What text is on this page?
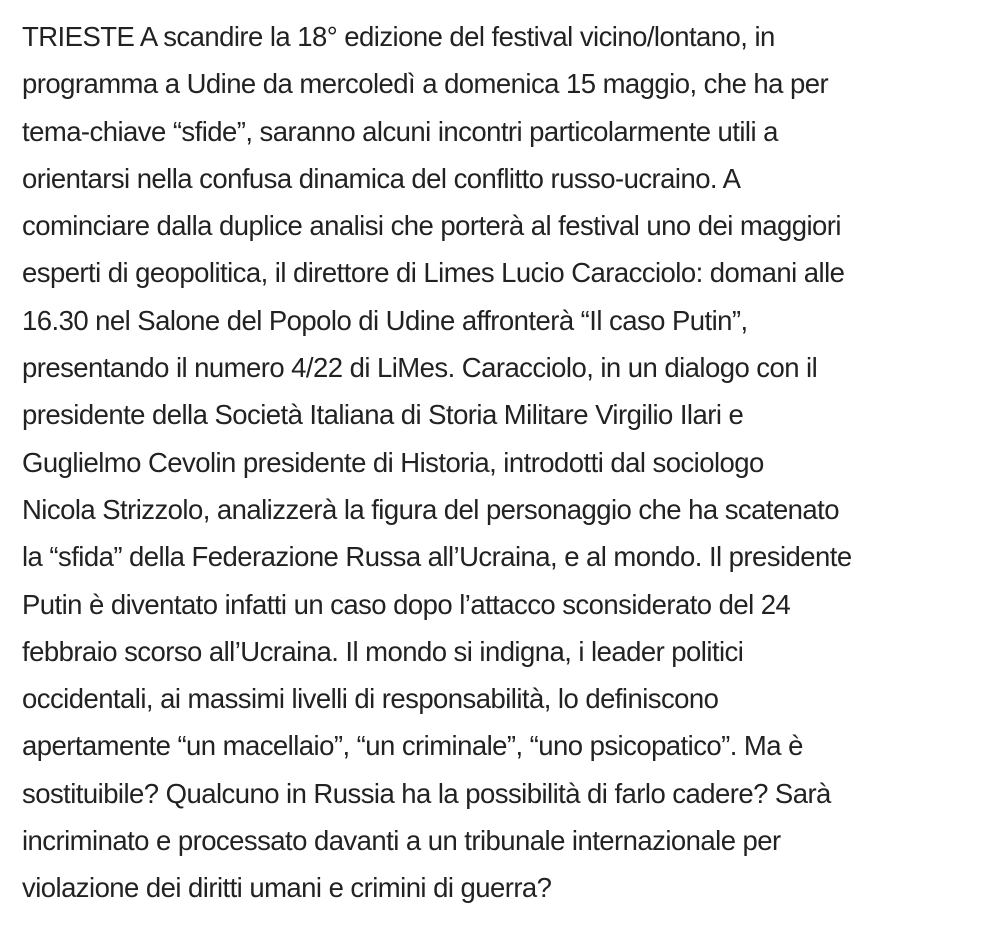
TRIESTE A scandire la 18° edizione del festival vicino/lontano, in
programma a Udine da mercoledì a domenica 15 maggio, che ha per
tema-chiave “sfide”, saranno alcuni incontri particolarmente utili a
orientarsi nella confusa dinamica del conflitto russo-ucraino. A
cominciare dalla duplice analisi che porterà al festival uno dei maggiori
esperti di geopolitica, il direttore di Limes Lucio Caracciolo: domani alle
16.30 nel Salone del Popolo di Udine affronterà “Il caso Putin”,
presentando il numero 4/22 di LiMes. Caracciolo, in un dialogo con il
presidente della Società Italiana di Storia Militare Virgilio Ilari e
Guglielmo Cevolin presidente di Historia, introdotti dal sociologo
Nicola Strizzolo, analizzerà la figura del personaggio che ha scatenato
la “sfida” della Federazione Russa all’Ucraina, e al mondo. Il presidente
Putin è diventato infatti un caso dopo l’attacco sconsiderato del 24
febbraio scorso all’Ucraina. Il mondo si indigna, i leader politici
occidentali, ai massimi livelli di responsabilità, lo definiscono
apertamente “un macellaio”, “un criminale”, “uno psicopatico”. Ma è
sostituibile? Qualcuno in Russia ha la possibilità di farlo cadere? Sarà
incriminato e processato davanti a un tribunale internazionale per
violazione dei diritti umani e crimini di guerra?
